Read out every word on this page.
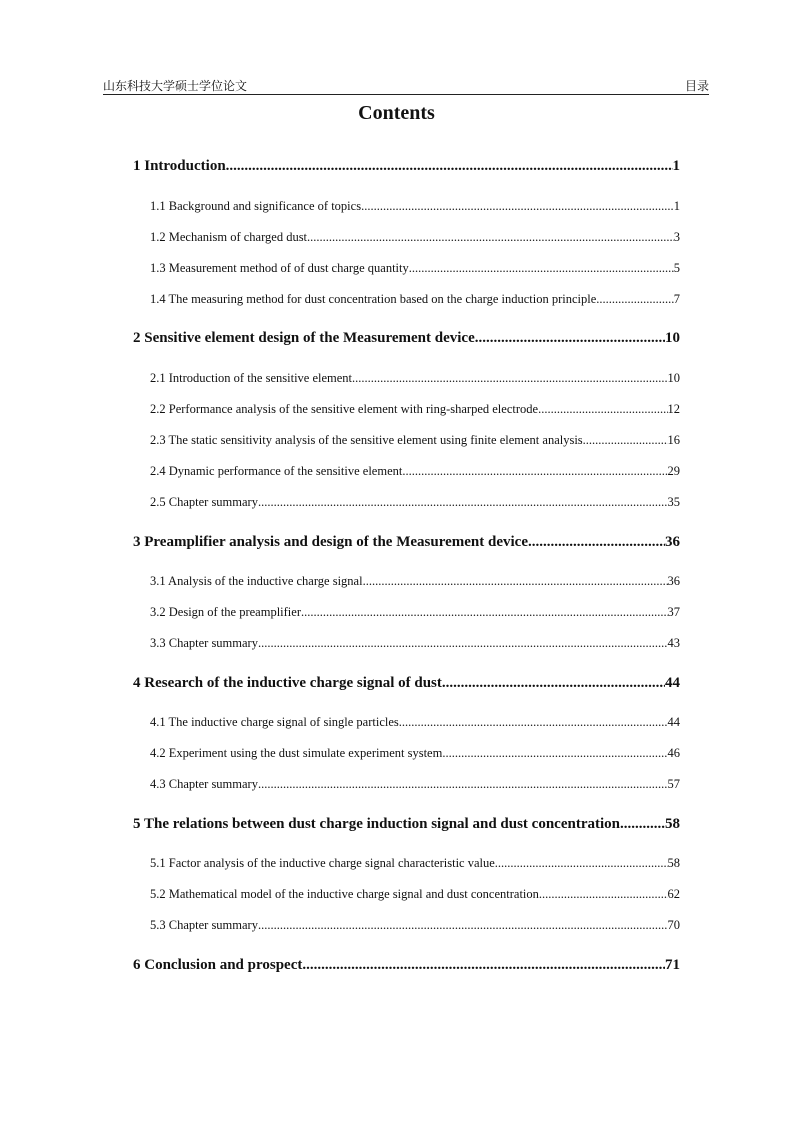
山东科技大学硕士学位论文	目录
Contents
1 Introduction .....	1
1.1 Background and significance of topics .....	1
1.2 Mechanism of charged dust .....	3
1.3 Measurement method of of dust charge quantity .....	5
1.4 The measuring method for dust concentration based on the charge induction principle .....	7
2 Sensitive element design of the Measurement device .....	10
2.1 Introduction of the sensitive element .....	10
2.2 Performance analysis of the sensitive element with ring-sharped electrode .....	12
2.3 The static sensitivity analysis of the sensitive element using finite element analysis .....	16
2.4 Dynamic performance of the sensitive element .....	29
2.5 Chapter summary .....	35
3 Preamplifier analysis and design of the Measurement device .....	36
3.1 Analysis of the inductive charge signal .....	36
3.2 Design of the preamplifier .....	37
3.3 Chapter summary .....	43
4 Research of the inductive charge signal of dust .....	44
4.1 The inductive charge signal of single particles .....	44
4.2 Experiment using the dust simulate experiment system .....	46
4.3 Chapter summary .....	57
5 The relations between dust charge induction signal and dust concentration .....	58
5.1 Factor analysis of the inductive charge signal characteristic value .....	58
5.2 Mathematical model of the inductive charge signal and dust concentration .....	62
5.3 Chapter summary .....	70
6 Conclusion and prospect .....	71
